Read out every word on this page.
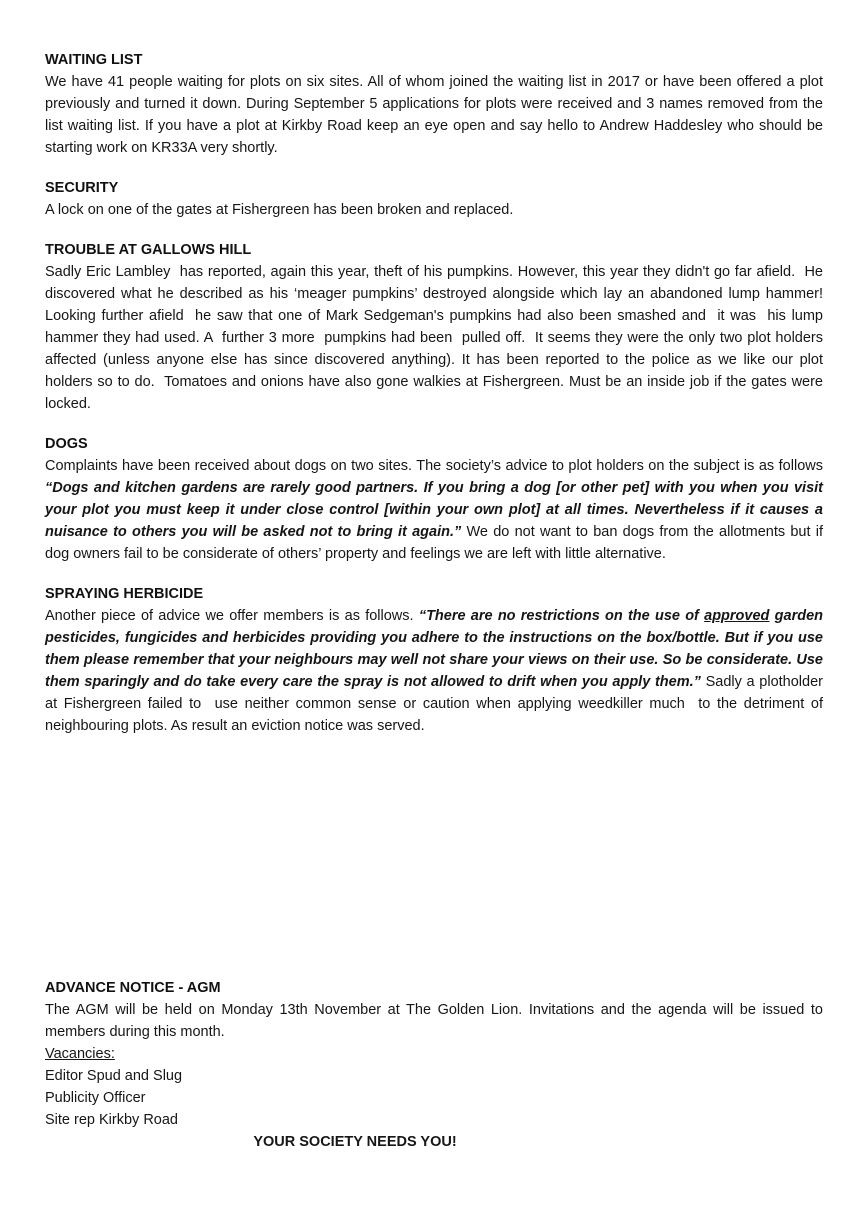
WAITING LIST

We have 41 people waiting for plots on six sites. All of whom joined the waiting list in 2017 or have been offered a plot previously and turned it down. During September 5 applications for plots were received and 3 names removed from the list waiting list. If you have a plot at Kirkby Road keep an eye open and say hello to Andrew Haddesley who should be starting work on KR33A very shortly.

SECURITY

A lock on one of the gates at Fishergreen has been broken and replaced.

TROUBLE AT GALLOWS HILL

Sadly Eric Lambley  has reported, again this year, theft of his pumpkins. However, this year they didn't go far afield.  He discovered what he described as his ‘meager pumpkins’ destroyed alongside which lay an abandoned lump hammer! Looking further afield  he saw that one of Mark Sedgeman's pumpkins had also been smashed and  it was  his lump hammer they had used. A  further 3 more  pumpkins had been  pulled off.  It seems they were the only two plot holders affected (unless anyone else has since discovered anything). It has been reported to the police as we like our plot holders so to do.  Tomatoes and onions have also gone walkies at Fishergreen. Must be an inside job if the gates were locked.

DOGS

Complaints have been received about dogs on two sites. The society’s advice to plot holders on the subject is as follows “Dogs and kitchen gardens are rarely good partners. If you bring a dog [or other pet] with you when you visit your plot you must keep it under close control [within your own plot] at all times. Nevertheless if it causes a nuisance to others you will be asked not to bring it again.” We do not want to ban dogs from the allotments but if dog owners fail to be considerate of others’ property and feelings we are left with little alternative.

SPRAYING HERBICIDE

Another piece of advice we offer members is as follows. “There are no restrictions on the use of approved garden pesticides, fungicides and herbicides providing you adhere to the instructions on the box/bottle. But if you use them please remember that your neighbours may well not share your views on their use. So be considerate. Use them sparingly and do take every care the spray is not allowed to drift when you apply them.” Sadly a plotholder at Fishergreen failed to  use neither common sense or caution when applying weedkiller much  to the detriment of neighbouring plots. As result an eviction notice was served.

ADVANCE NOTICE - AGM

The AGM will be held on Monday 13th November at The Golden Lion. Invitations and the agenda will be issued to members during this month.

Vacancies:

Editor Spud and Slug

Publicity Officer

Site rep Kirkby Road

YOUR SOCIETY NEEDS YOU!
